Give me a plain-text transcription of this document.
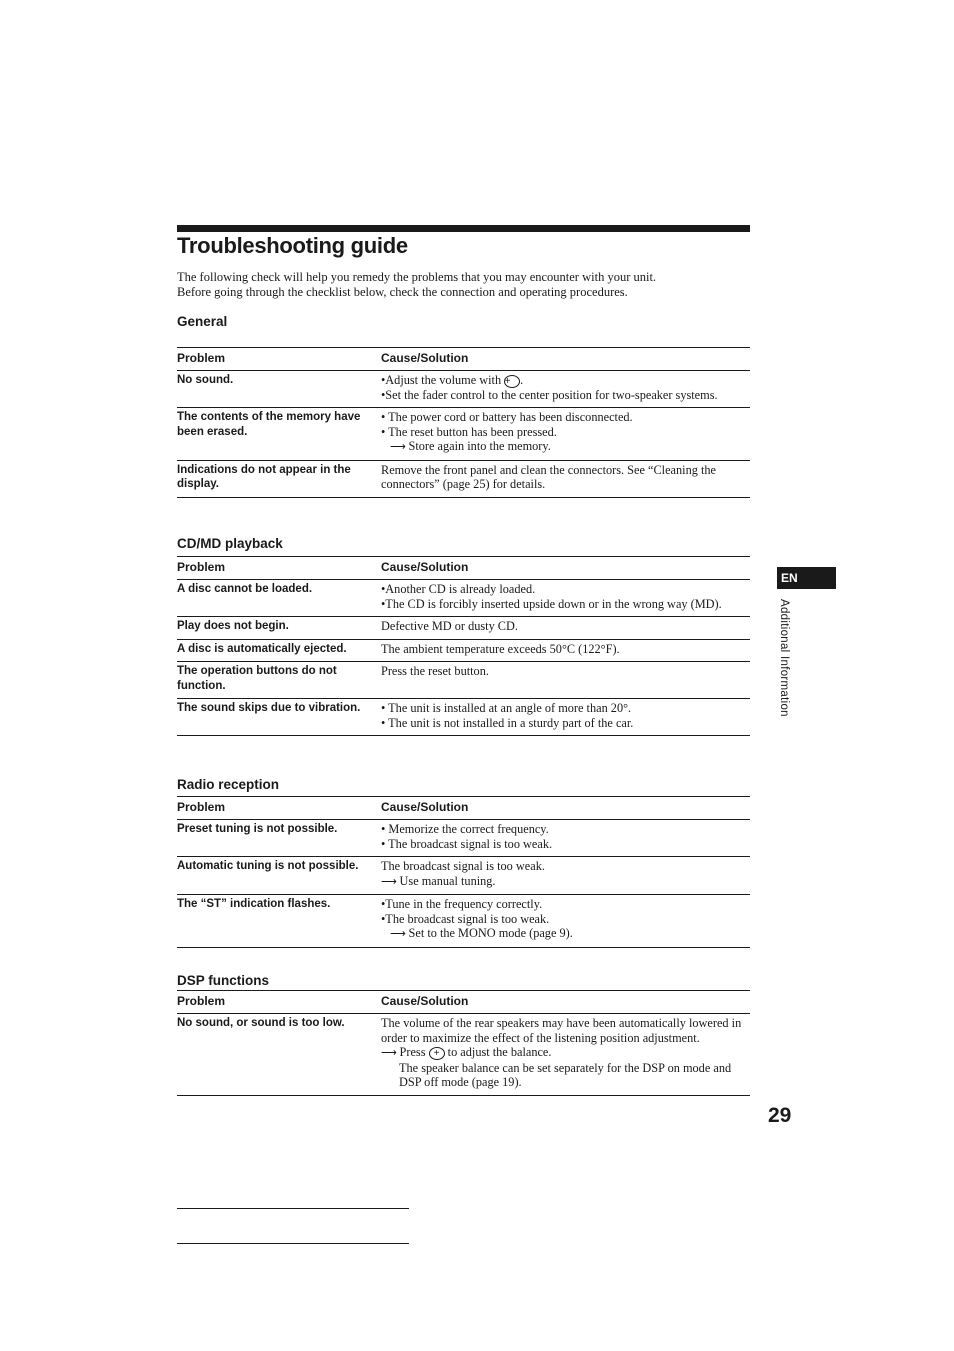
Troubleshooting guide

The following check will help you remedy the problems that you may encounter with your unit.
Before going through the checklist below, check the connection and operating procedures.

General
Problem	Cause/Solution
No sound.	•Adjust the volume with + .
•Set the fader control to the center position for two-speaker systems.

The contents of the memory have been erased.	• The power cord or battery has been disconnected.
• The reset button has been pressed.
⟶ Store again into the memory.

Indications do not appear in the display.	Remove the front panel and clean the connectors. See “Cleaning the connectors” (page 25) for details.
CD/MD playback
Problem	Cause/Solution
A disc cannot be loaded.	•Another CD is already loaded.
•The CD is forcibly inserted upside down or in the wrong way (MD).

Play does not begin.	Defective MD or dusty CD.

A disc is automatically ejected.	The ambient temperature exceeds 50°C (122°F).

The operation buttons do not function.	Press the reset button.

The sound skips due to vibration.	• The unit is installed at an angle of more than 20°.
• The unit is not installed in a sturdy part of the car.
Radio reception
Problem	Cause/Solution
Preset tuning is not possible.	• Memorize the correct frequency.
• The broadcast signal is too weak.

Automatic tuning is not possible.	The broadcast signal is too weak.
⟶ Use manual tuning.

The “ST” indication flashes.	•Tune in the frequency correctly.
•The broadcast signal is too weak.
⟶ Set to the MONO mode (page 9).
DSP functions
Problem	Cause/Solution
No sound, or sound is too low.	The volume of the rear speakers may have been automatically lowered in order to maximize the effect of the listening position adjustment.
⟶ Press + to adjust the balance.
The speaker balance can be set separately for the DSP on mode and DSP off mode (page 19).
EN
Additional Information
29
